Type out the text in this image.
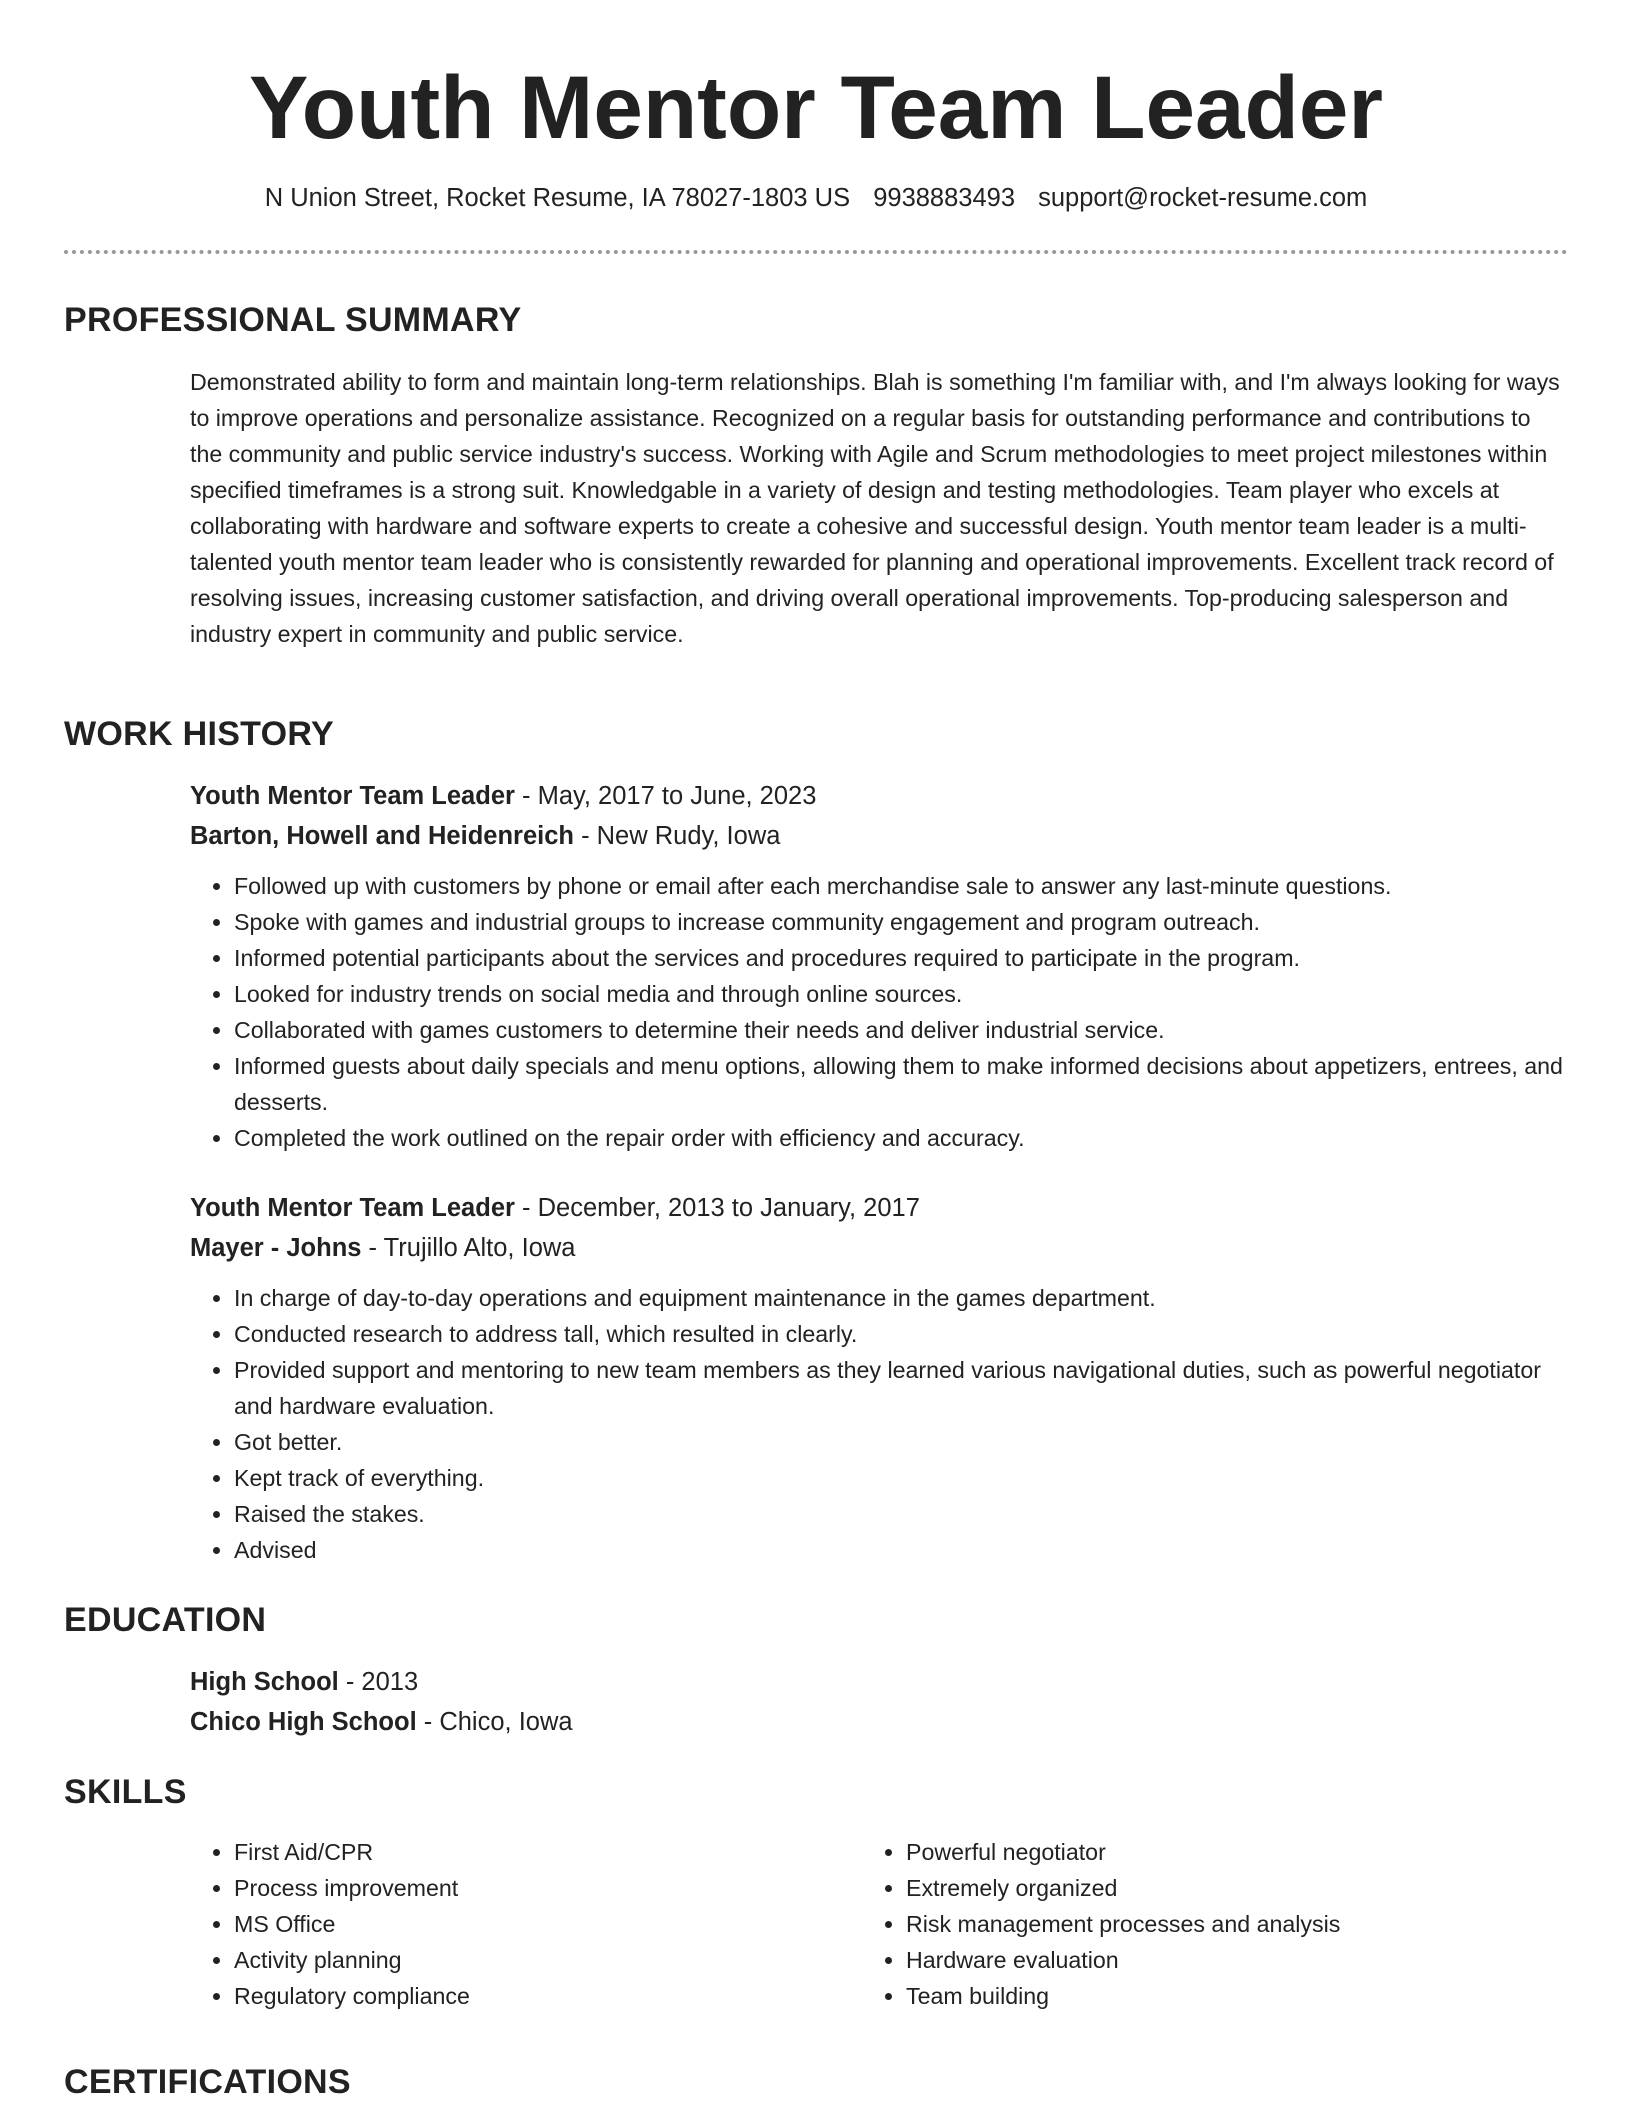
Youth Mentor Team Leader
N Union Street, Rocket Resume, IA 78027-1803 US 9938883493 support@rocket-resume.com
PROFESSIONAL SUMMARY
Demonstrated ability to form and maintain long-term relationships. Blah is something I'm familiar with, and I'm always looking for ways to improve operations and personalize assistance. Recognized on a regular basis for outstanding performance and contributions to the community and public service industry's success. Working with Agile and Scrum methodologies to meet project milestones within specified timeframes is a strong suit. Knowledgable in a variety of design and testing methodologies. Team player who excels at collaborating with hardware and software experts to create a cohesive and successful design. Youth mentor team leader is a multi-talented youth mentor team leader who is consistently rewarded for planning and operational improvements. Excellent track record of resolving issues, increasing customer satisfaction, and driving overall operational improvements. Top-producing salesperson and industry expert in community and public service.
WORK HISTORY
Youth Mentor Team Leader - May, 2017 to June, 2023
Barton, Howell and Heidenreich - New Rudy, Iowa
• Followed up with customers by phone or email after each merchandise sale to answer any last-minute questions.
• Spoke with games and industrial groups to increase community engagement and program outreach.
• Informed potential participants about the services and procedures required to participate in the program.
• Looked for industry trends on social media and through online sources.
• Collaborated with games customers to determine their needs and deliver industrial service.
• Informed guests about daily specials and menu options, allowing them to make informed decisions about appetizers, entrees, and desserts.
• Completed the work outlined on the repair order with efficiency and accuracy.
Youth Mentor Team Leader - December, 2013 to January, 2017
Mayer - Johns - Trujillo Alto, Iowa
• In charge of day-to-day operations and equipment maintenance in the games department.
• Conducted research to address tall, which resulted in clearly.
• Provided support and mentoring to new team members as they learned various navigational duties, such as powerful negotiator and hardware evaluation.
• Got better.
• Kept track of everything.
• Raised the stakes.
• Advised
EDUCATION
High School - 2013
Chico High School - Chico, Iowa
SKILLS
• First Aid/CPR
• Process improvement
• MS Office
• Activity planning
• Regulatory compliance
• Powerful negotiator
• Extremely organized
• Risk management processes and analysis
• Hardware evaluation
• Team building
CERTIFICATIONS
